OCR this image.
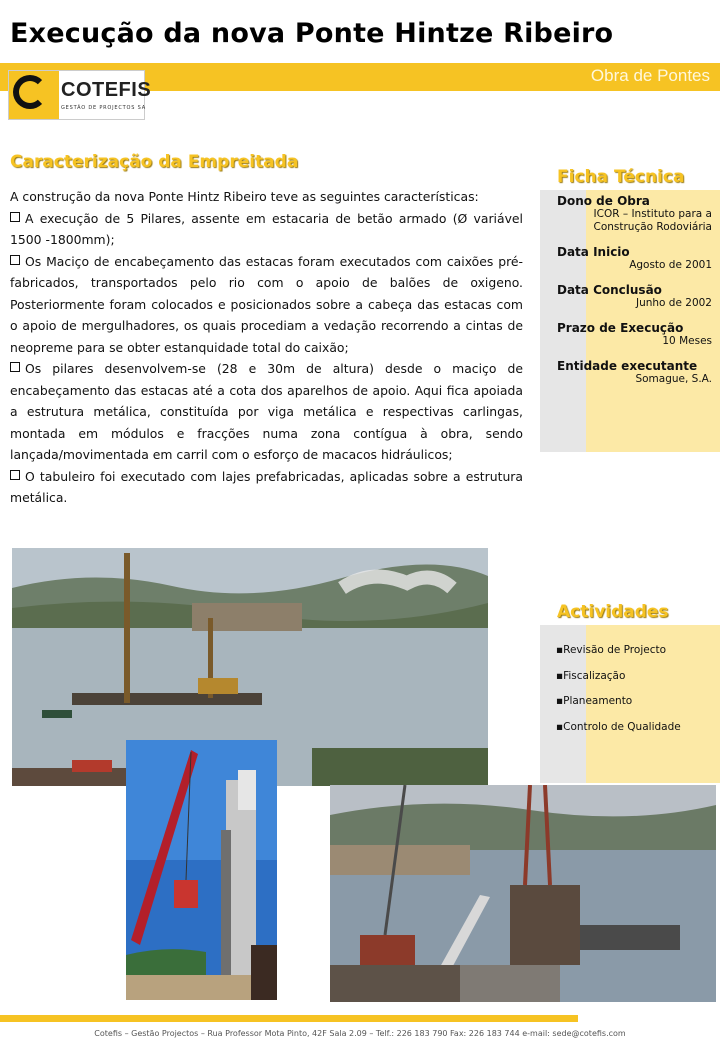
Execução da nova Ponte Hintze Ribeiro
Obra de Pontes
COTEFIS
GESTÃO DE PROJECTOS SA
Caracterização da Empreitada

A construção da nova Ponte Hintz Ribeiro teve as seguintes características:

A execução de 5 Pilares, assente em estacaria de betão armado (Ø variável 1500 -1800mm);

Os Maciço de encabeçamento das estacas foram executados com caixões pré-fabricados, transportados pelo rio com o apoio de balões de oxigeno. Posteriormente foram colocados e posicionados sobre a cabeça das estacas com o apoio de mergulhadores, os quais procediam a vedação recorrendo a cintas de neopreme para se obter estanquidade total do caixão;

Os pilares desenvolvem-se (28 e 30m de altura) desde o maciço de encabeçamento das estacas até a cota dos aparelhos de apoio. Aqui fica apoiada a estrutura metálica, constituída por viga metálica e respectivas carlingas, montada em módulos e fracções numa zona contígua à obra, sendo lançada/movimentada em carril com o esforço de macacos hidráulicos;

O tabuleiro foi executado com lajes prefabricadas, aplicadas sobre a estrutura metálica.

Ficha Técnica
Dono de Obra
ICOR – Instituto para a Construção Rodoviária
Data Inicio
Agosto de 2001
Data Conclusão
Junho de 2002
Prazo de Execução
10 Meses
Entidade executante
Somague, S.A.
Actividades
▪Revisão de Projecto
▪Fiscalização
▪Planeamento
▪Controlo de Qualidade
Cotefis – Gestão Projectos – Rua Professor Mota Pinto, 42F Sala 2.09 – Telf.: 226 183 790 Fax: 226 183 744 e-mail: sede@cotefis.com
